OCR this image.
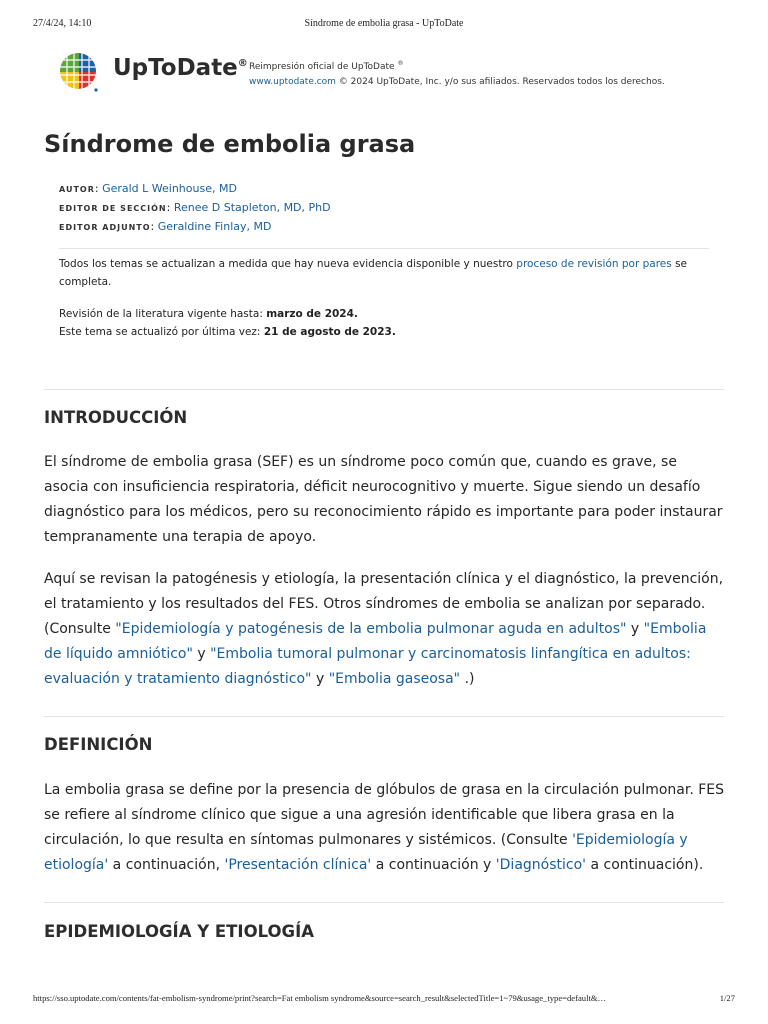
27/4/24, 14:10	Síndrome de embolia grasa - UpToDate
UpToDate® Reimpresión oficial de UpToDate ®
www.uptodate.com © 2024 UpToDate, Inc. y/o sus afiliados. Reservados todos los derechos.
Síndrome de embolia grasa
AUTOR: Gerald L Weinhouse, MD
EDITOR DE SECCIÓN: Renee D Stapleton, MD, PhD
EDITOR ADJUNTO: Geraldine Finlay, MD
Todos los temas se actualizan a medida que hay nueva evidencia disponible y nuestro proceso de revisión por pares se completa.
Revisión de la literatura vigente hasta: marzo de 2024.
Este tema se actualizó por última vez: 21 de agosto de 2023.
INTRODUCCIÓN

El síndrome de embolia grasa (SEF) es un síndrome poco común que, cuando es grave, se asocia con insuficiencia respiratoria, déficit neurocognitivo y muerte. Sigue siendo un desafío diagnóstico para los médicos, pero su reconocimiento rápido es importante para poder instaurar tempranamente una terapia de apoyo.

Aquí se revisan la patogénesis y etiología, la presentación clínica y el diagnóstico, la prevención, el tratamiento y los resultados del FES. Otros síndromes de embolia se analizan por separado. (Consulte "Epidemiología y patogénesis de la embolia pulmonar aguda en adultos" y "Embolia de líquido amniótico" y "Embolia tumoral pulmonar y carcinomatosis linfangítica en adultos: evaluación y tratamiento diagnóstico" y "Embolia gaseosa" .)

DEFINICIÓN

La embolia grasa se define por la presencia de glóbulos de grasa en la circulación pulmonar. FES se refiere al síndrome clínico que sigue a una agresión identificable que libera grasa en la circulación, lo que resulta en síntomas pulmonares y sistémicos. (Consulte 'Epidemiología y etiología' a continuación, 'Presentación clínica' a continuación y 'Diagnóstico' a continuación).

EPIDEMIOLOGÍA Y ETIOLOGÍA
https://sso.uptodate.com/contents/fat-embolism-syndrome/print?search=Fat embolism syndrome&source=search_result&selectedTitle=1~79&usage_type=default&…	1/27
